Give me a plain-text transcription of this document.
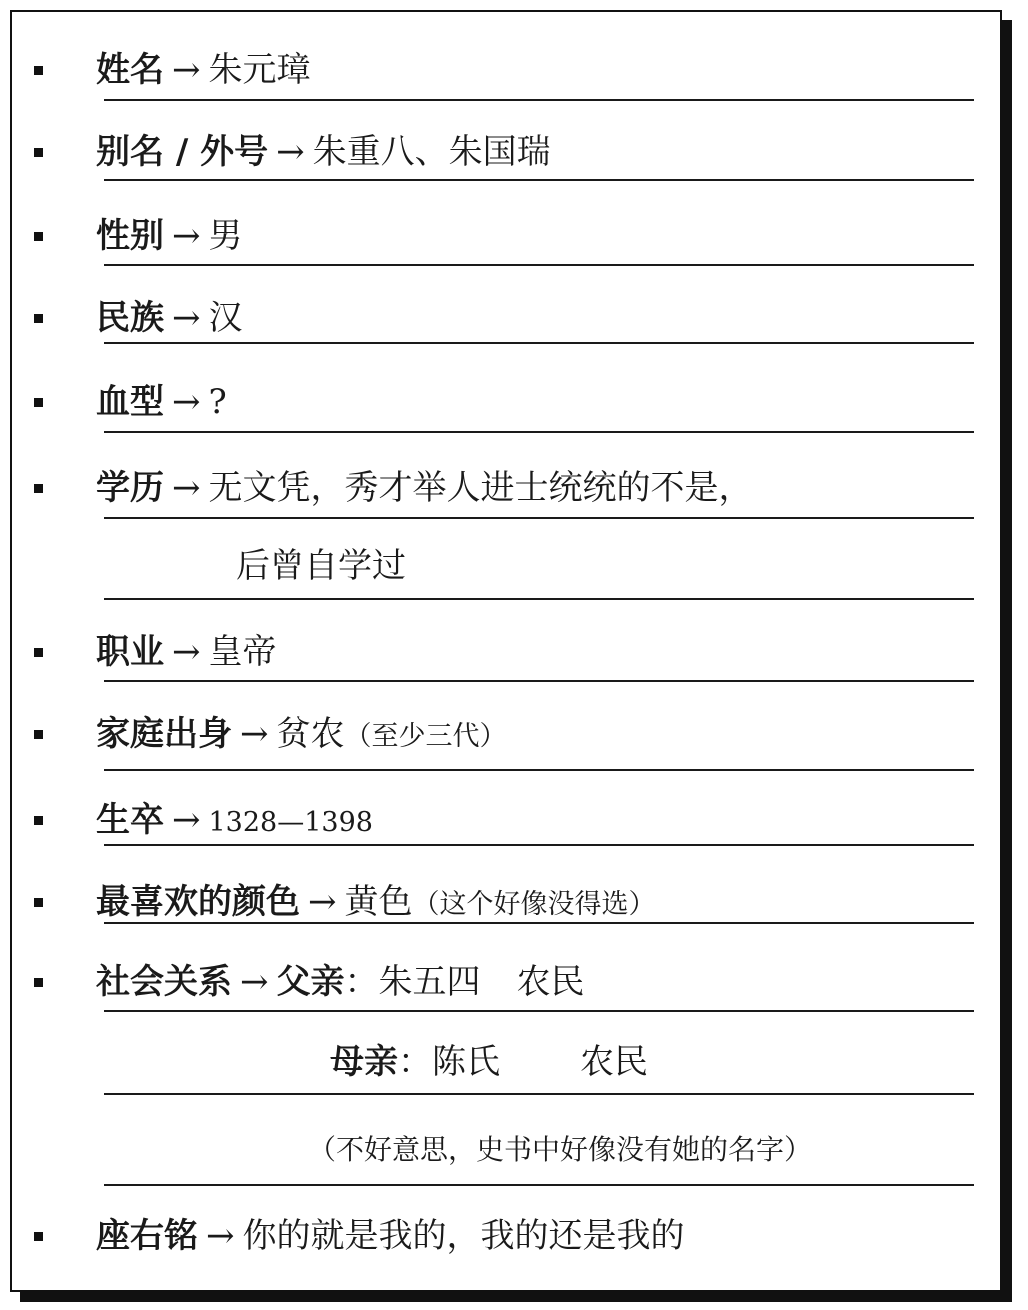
姓名 → 朱元璋
别名 / 外号 → 朱重八、朱国瑞
性别 → 男
民族 → 汉
血型 → ?
学历 → 无文凭，秀才举人进士统统的不是，
后曾自学过
职业 → 皇帝
家庭出身 → 贫农（至少三代）
生卒 → 1328—1398
最喜欢的颜色 → 黄色（这个好像没得选）
社会关系 → 父亲：朱五四 农民
母亲：陈氏 农民
（不好意思，史书中好像没有她的名字）
座右铭 → 你的就是我的，我的还是我的
